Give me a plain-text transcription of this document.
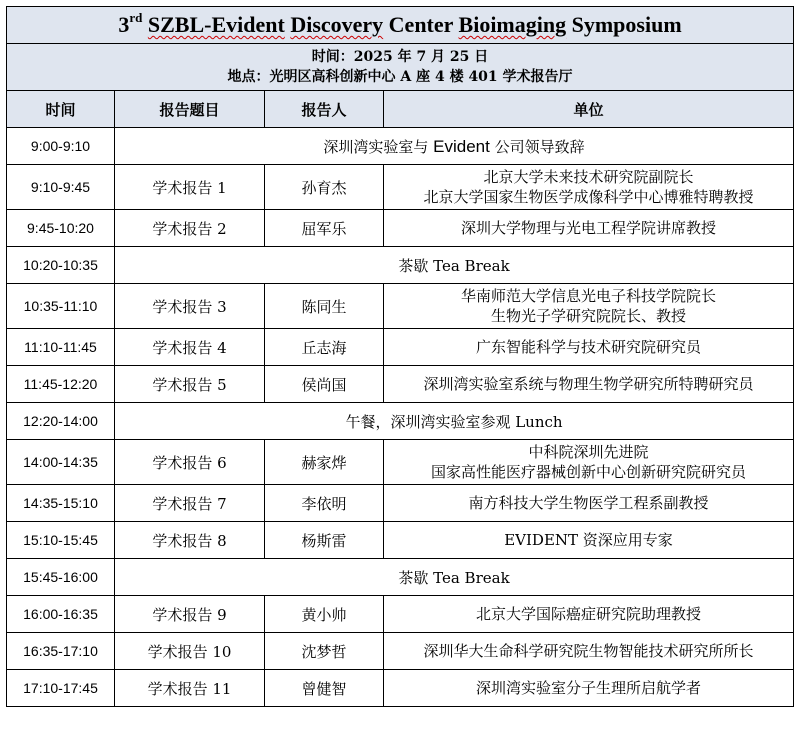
3rd SZBL-Evident Discovery Center Bioimaging Symposium			

时间：2025 年 7 月 25 日
地点：光明区高科创新中心 A 座 4 楼 401 学术报告厅			

时间	报告题目	报告人	单位
9:00-9:10	深圳湾实验室与 Evident 公司领导致辞		
9:10-9:45	学术报告 1	孙育杰	北京大学未来技术研究院副院长
北京大学国家生物医学成像科学中心博雅特聘教授

9:45-10:20	学术报告 2	屈军乐	深圳大学物理与光电工程学院讲席教授
10:20-10:35	茶歇 Tea Break		
10:35-11:10	学术报告 3	陈同生	华南师范大学信息光电子科技学院院长
生物光子学研究院院长、教授

11:10-11:45	学术报告 4	丘志海	广东智能科学与技术研究院研究员
11:45-12:20	学术报告 5	侯尚国	深圳湾实验室系统与物理生物学研究所特聘研究员
12:20-14:00	午餐，深圳湾实验室参观 Lunch		
14:00-14:35	学术报告 6	赫家烨	中科院深圳先进院
国家高性能医疗器械创新中心创新研究院研究员

14:35-15:10	学术报告 7	李依明	南方科技大学生物医学工程系副教授
15:10-15:45	学术报告 8	杨斯雷	EVIDENT 资深应用专家
15:45-16:00	茶歇 Tea Break		
16:00-16:35	学术报告 9	黄小帅	北京大学国际癌症研究院助理教授
16:35-17:10	学术报告 10	沈梦哲	深圳华大生命科学研究院生物智能技术研究所所长
17:10-17:45	学术报告 11	曾健智	深圳湾实验室分子生理所启航学者
